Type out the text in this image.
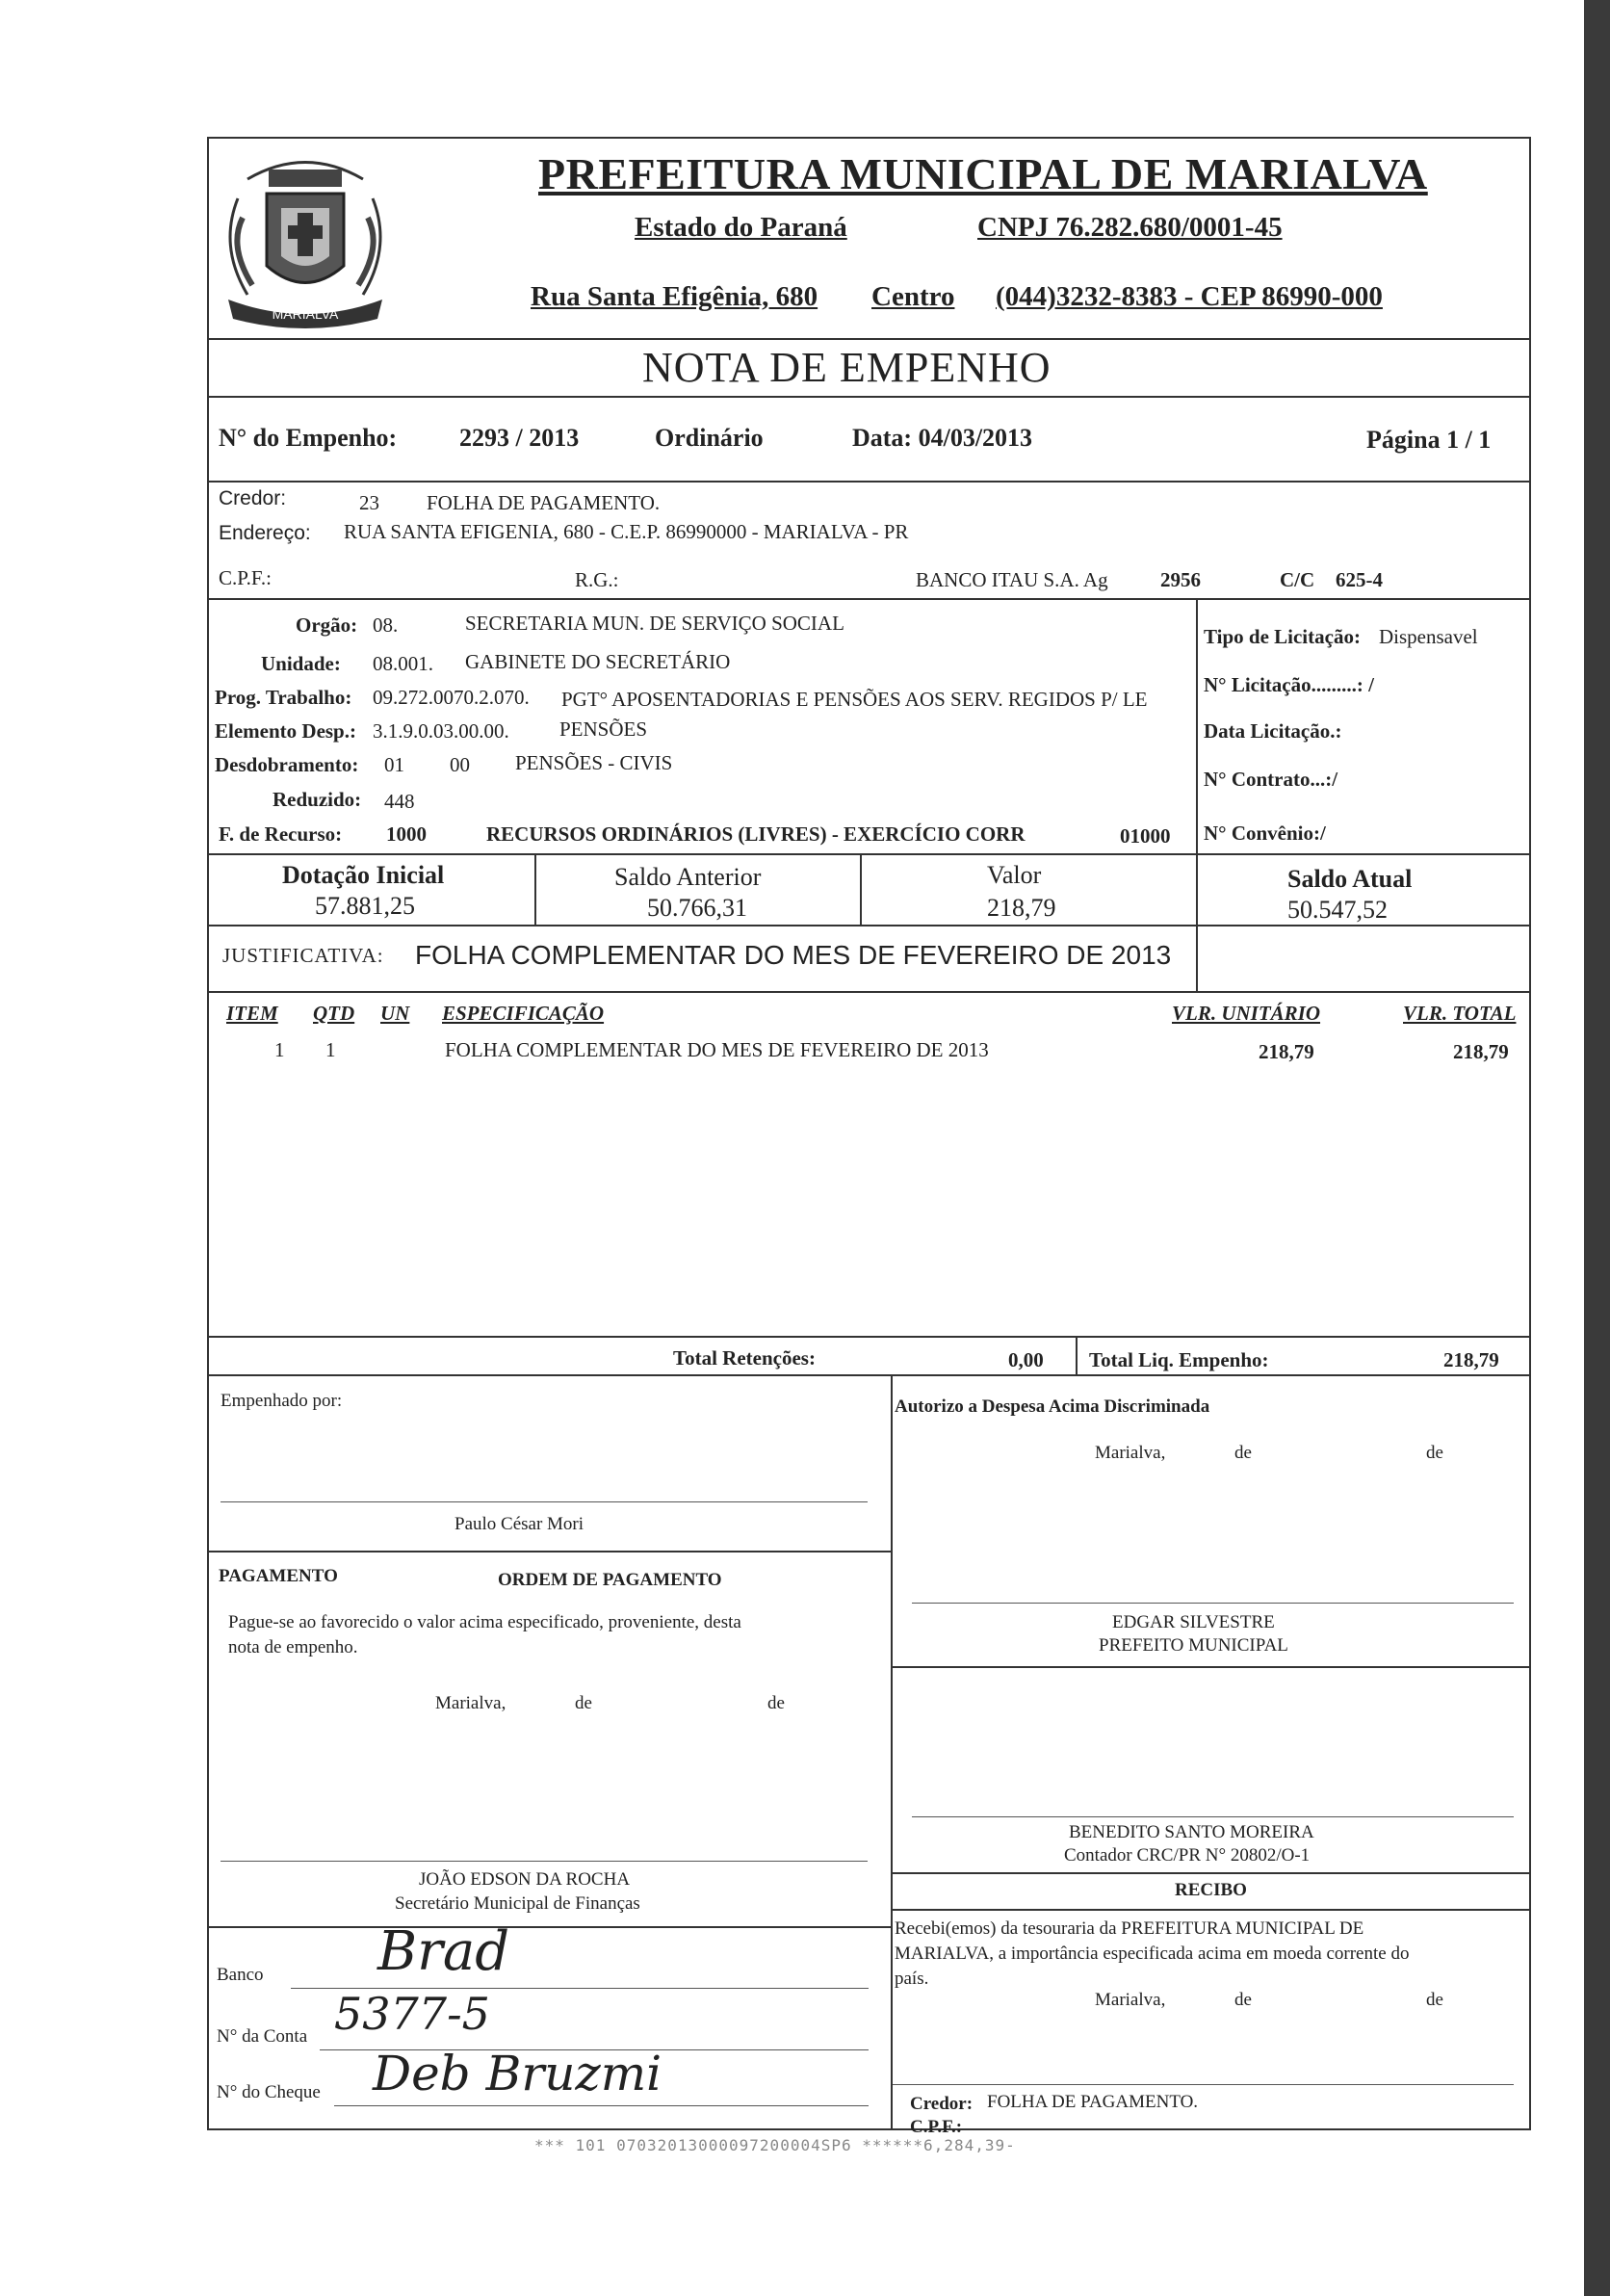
MARIALVA
PREFEITURA MUNICIPAL DE MARIALVA
Estado do Paraná	CNPJ 76.282.680/0001-45
Rua Santa Efigênia, 680 Centro (044)3232-8383 - CEP 86990-000
NOTA DE EMPENHO
N° do Empenho: 2293 / 2013	Ordinário	Data: 04/03/2013	Página 1 / 1
Credor:	23 FOLHA DE PAGAMENTO.
Endereço: RUA SANTA EFIGENIA, 680 - C.E.P. 86990000 - MARIALVA - PR
C.P.F.:	R.G.:	BANCO ITAU S.A. Ag	2956	C/C 625-4
Orgão: 08.	SECRETARIA MUN. DE SERVIÇO SOCIAL
Unidade: 08.001. GABINETE DO SECRETÁRIO
Prog. Trabalho: 09.272.0070.2.070. PGT° APOSENTADORIAS E PENSÕES AOS SERV. REGIDOS P/ LE
Elemento Desp.: 3.1.9.0.03.00.00. PENSÕES
Desdobramento: 01 00 PENSÕES - CIVIS
Reduzido: 448
F. de Recurso: 1000	RECURSOS ORDINÁRIOS (LIVRES) - EXERCÍCIO CORR	01000
Tipo de Licitação: Dispensavel
N° Licitação.........: /
Data Licitação.:
N° Contrato...:/
N° Convênio:/
Dotação Inicial
57.881,25
Saldo Anterior
50.766,31
Valor
218,79
Saldo Atual
50.547,52
JUSTIFICATIVA: FOLHA COMPLEMENTAR DO MES DE FEVEREIRO DE 2013
ITEM QTD UN ESPECIFICAÇÃO	VLR. UNITÁRIO	VLR. TOTAL
1 1	FOLHA COMPLEMENTAR DO MES DE FEVEREIRO DE 2013	218,79	218,79
Total Retenções:	0,00 Total Liq. Empenho:	218,79
Empenhado por:
Paulo César Mori
PAGAMENTO	ORDEM DE PAGAMENTO
Pague-se ao favorecido o valor acima especificado, proveniente, desta
nota de empenho.
Marialva,	de	de
JOÃO EDSON DA ROCHA
Secretário Municipal de Finanças
Banco Brad
N° da Conta 5377-5
N° do Cheque Deb Bruzmi
Autorizo a Despesa Acima Discriminada
Marialva,	de	de
EDGAR SILVESTRE
PREFEITO MUNICIPAL
BENEDITO SANTO MOREIRA
Contador CRC/PR N° 20802/O-1
RECIBO
Recebi(emos) da tesouraria da PREFEITURA MUNICIPAL DE
MARIALVA, a importância especificada acima em moeda corrente do
país.
Marialva,	de	de
Credor: FOLHA DE PAGAMENTO.
C.P.F.:
*** 101 07032013000097200004SP6 ******6,284,39-
